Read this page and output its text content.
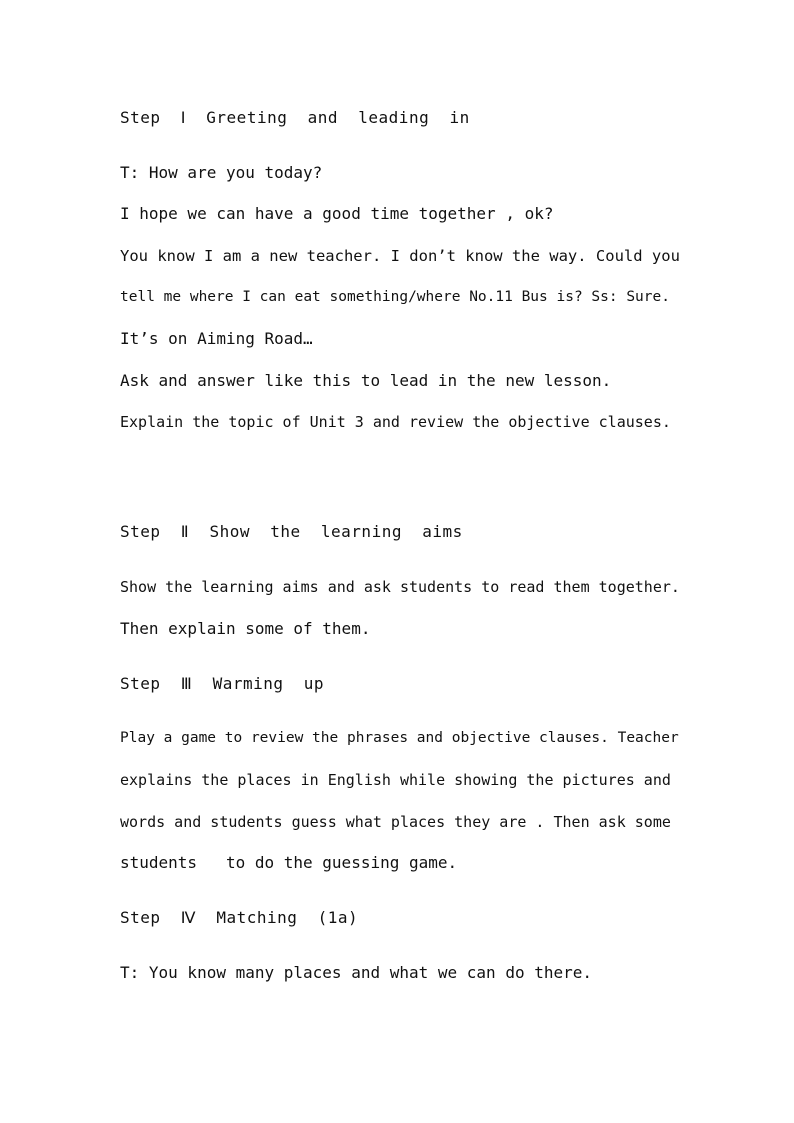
Step  Ⅰ  Greeting  and  leading  in
T: How are you today?
I hope we can have a good time together , ok?
You know I am a new teacher. I don’t know the way. Could you
tell me where I can eat something/where No.11 Bus is? Ss: Sure.
It’s on Aiming Road…
Ask and answer like this to lead in the new lesson.
Explain the topic of Unit 3 and review the objective clauses.
Step  Ⅱ  Show  the  learning  aims
Show the learning aims and ask students to read them together.
Then explain some of them.
Step  Ⅲ  Warming  up
Play a game to review the phrases and objective clauses. Teacher
explains the places in English while showing the pictures and
words and students guess what places they are . Then ask some
students   to do the guessing game.
Step  Ⅳ  Matching  (1a)
T: You know many places and what we can do there.
